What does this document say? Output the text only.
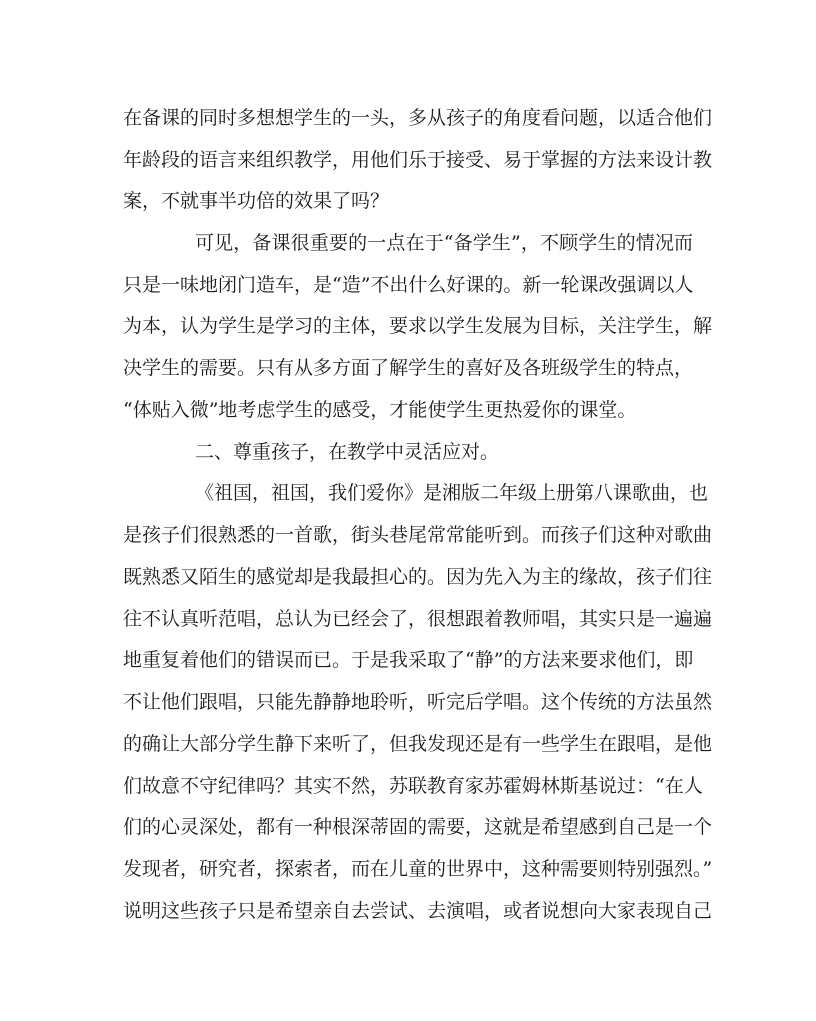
在备课的同时多想想学生的一头，多从孩子的角度看问题，以适合他们

年龄段的语言来组织教学，用他们乐于接受、易于掌握的方法来设计教

案，不就事半功倍的效果了吗？

可见，备课很重要的一点在于“备学生”，不顾学生的情况而

只是一味地闭门造车，是“造”不出什么好课的。新一轮课改强调以人

为本，认为学生是学习的主体，要求以学生发展为目标，关注学生，解

决学生的需要。只有从多方面了解学生的喜好及各班级学生的特点，

“体贴入微”地考虑学生的感受，才能使学生更热爱你的课堂。

二、尊重孩子，在教学中灵活应对。

《祖国，祖国，我们爱你》是湘版二年级上册第八课歌曲，也

是孩子们很熟悉的一首歌，街头巷尾常常能听到。而孩子们这种对歌曲

既熟悉又陌生的感觉却是我最担心的。因为先入为主的缘故，孩子们往

往不认真听范唱，总认为已经会了，很想跟着教师唱，其实只是一遍遍

地重复着他们的错误而已。于是我采取了“静”的方法来要求他们，即

不让他们跟唱，只能先静静地聆听，听完后学唱。这个传统的方法虽然

的确让大部分学生静下来听了，但我发现还是有一些学生在跟唱，是他

们故意不守纪律吗？其实不然，苏联教育家苏霍姆林斯基说过：“在人

们的心灵深处，都有一种根深蒂固的需要，这就是希望感到自己是一个

发现者，研究者，探索者，而在儿童的世界中，这种需要则特别强烈。”

说明这些孩子只是希望亲自去尝试、去演唱，或者说想向大家表现自己
